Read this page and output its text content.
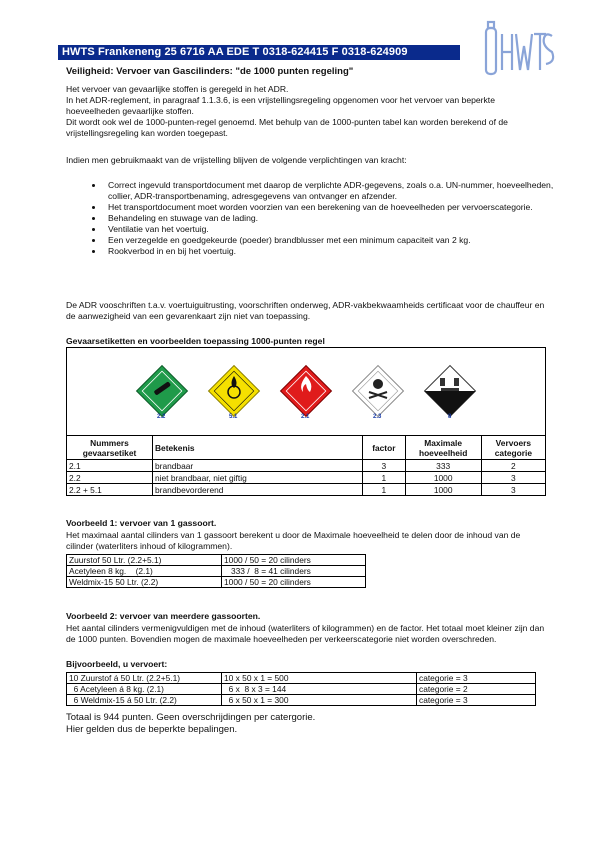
HWTS Frankeneng 25 6716 AA EDE T 0318-624415 F 0318-624909
Veiligheid: Vervoer van Gascilinders: "de 1000 punten regeling"
Het vervoer van gevaarlijke stoffen is geregeld in het ADR.
In het ADR-reglement, in paragraaf 1.1.3.6, is een vrijstellingsregeling opgenomen voor het vervoer van beperkte hoeveelheden gevaarlijke stoffen.
Dit wordt ook wel de 1000-punten-regel genoemd. Met behulp van de 1000-punten tabel kan worden berekend of de vrijstellingsregeling kan worden toegepast.
Indien men gebruikmaakt van de vrijstelling blijven de volgende verplichtingen van kracht:
• Correct ingevuld transportdocument met daarop de verplichte ADR-gegevens, zoals o.a. UN-nummer, hoeveelheden, collier, ADR-transportbenaming, adresgegevens van ontvanger en afzender.
• Het transportdocument moet worden voorzien van een berekening van de hoeveelheden per vervoerscategorie.
• Behandeling en stuwage van de lading.
• Ventilatie van het voertuig.
• Een verzegelde en goedgekeurde (poeder) brandblusser met een minimum capaciteit van 2 kg.
• Rookverbod in en bij het voertuig.
De ADR vooschriften t.a.v. voertuiguitrusting, voorschriften onderweg, ADR-vakbekwaamheids certificaat voor de chauffeur en de aanwezigheid van een gevarenkaart zijn niet van toepassing.
Gevaarsetiketten en voorbeelden toepassing 1000-punten regel
2.2	5.1	2.1	2.3	8
Nummers gevaarsetiket	Betekenis	factor	Maximale hoeveelheid	Vervoers categorie
2.1	brandbaar	3	333	2
2.2	niet brandbaar, niet giftig	1	1000	3
2.2 + 5.1	brandbevorderend	1	1000	3
Voorbeeld 1: vervoer van 1 gassoort.
Het maximaal aantal cilinders van 1 gassoort berekent u door de Maximale hoeveelheid te delen door de inhoud van de cilinder (waterliters inhoud of kilogrammen).
Zuurstof 50 Ltr. (2.2+5.1)	1000 / 50 = 20 cilinders
Acetyleen 8 kg.    (2.1)	333 /  8 = 41 cilinders
Weldmix-15 50 Ltr. (2.2)	1000 / 50 = 20 cilinders
Voorbeeld 2: vervoer van meerdere gassoorten.
Het aantal cilinders vermenigvuldigen met de inhoud (waterliters of kilogrammen) en de factor. Het totaal moet kleiner zijn dan de 1000 punten. Bovendien mogen de maximale hoeveelheden per verkeerscategorie niet worden overschreden.
Bijvoorbeeld, u vervoert:
10 Zuurstof á 50 Ltr. (2.2+5.1)	10 x 50 x 1 = 500	categorie = 3
6 Acetyleen á 8 kg. (2.1)	6 x  8 x 3 = 144	categorie = 2
6 Weldmix-15 á 50 Ltr. (2.2)	6 x 50 x 1 = 300	categorie = 3
Totaal is 944 punten. Geen overschrijdingen per catergorie.
Hier gelden dus de beperkte bepalingen.
